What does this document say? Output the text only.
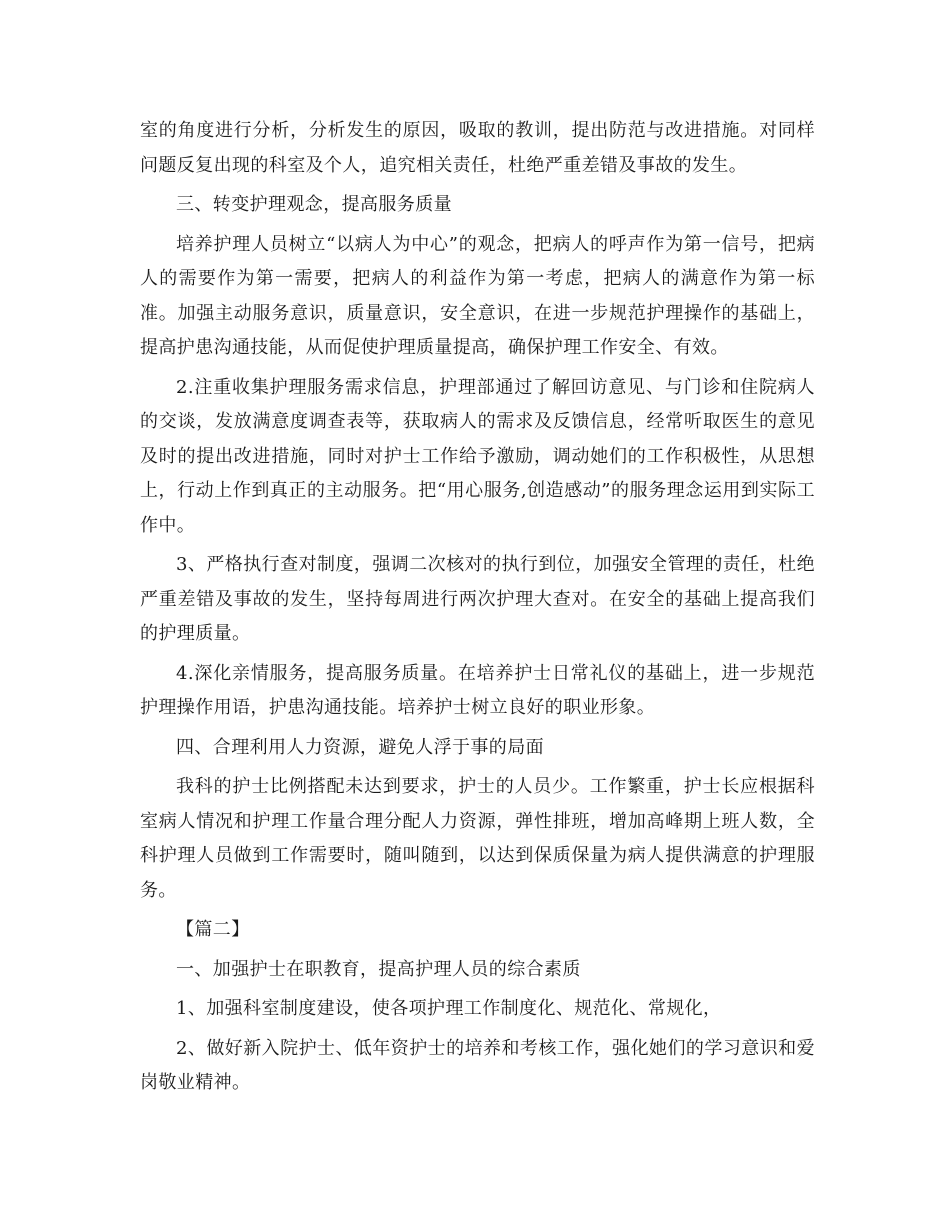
室的角度进行分析，分析发生的原因，吸取的教训，提出防范与改进措施。对同样问题反复出现的科室及个人，追究相关责任，杜绝严重差错及事故的发生。

三、转变护理观念，提高服务质量

培养护理人员树立“以病人为中心”的观念，把病人的呼声作为第一信号，把病人的需要作为第一需要，把病人的利益作为第一考虑，把病人的满意作为第一标准。加强主动服务意识，质量意识，安全意识，在进一步规范护理操作的基础上，提高护患沟通技能，从而促使护理质量提高，确保护理工作安全、有效。

2.注重收集护理服务需求信息，护理部通过了解回访意见、与门诊和住院病人的交谈，发放满意度调查表等，获取病人的需求及反馈信息，经常听取医生的意见及时的提出改进措施，同时对护士工作给予激励，调动她们的工作积极性，从思想上，行动上作到真正的主动服务。把“用心服务,创造感动”的服务理念运用到实际工作中。

3、严格执行查对制度，强调二次核对的执行到位，加强安全管理的责任，杜绝严重差错及事故的发生，坚持每周进行两次护理大查对。在安全的基础上提高我们的护理质量。

4.深化亲情服务，提高服务质量。在培养护士日常礼仪的基础上，进一步规范护理操作用语，护患沟通技能。培养护士树立良好的职业形象。

四、合理利用人力资源，避免人浮于事的局面

我科的护士比例搭配未达到要求，护士的人员少。工作繁重，护士长应根据科室病人情况和护理工作量合理分配人力资源，弹性排班，增加高峰期上班人数，全科护理人员做到工作需要时，随叫随到，以达到保质保量为病人提供满意的护理服务。

【篇二】

一、加强护士在职教育，提高护理人员的综合素质

1、加强科室制度建设，使各项护理工作制度化、规范化、常规化，

2、做好新入院护士、低年资护士的培养和考核工作，强化她们的学习意识和爱岗敬业精神。
